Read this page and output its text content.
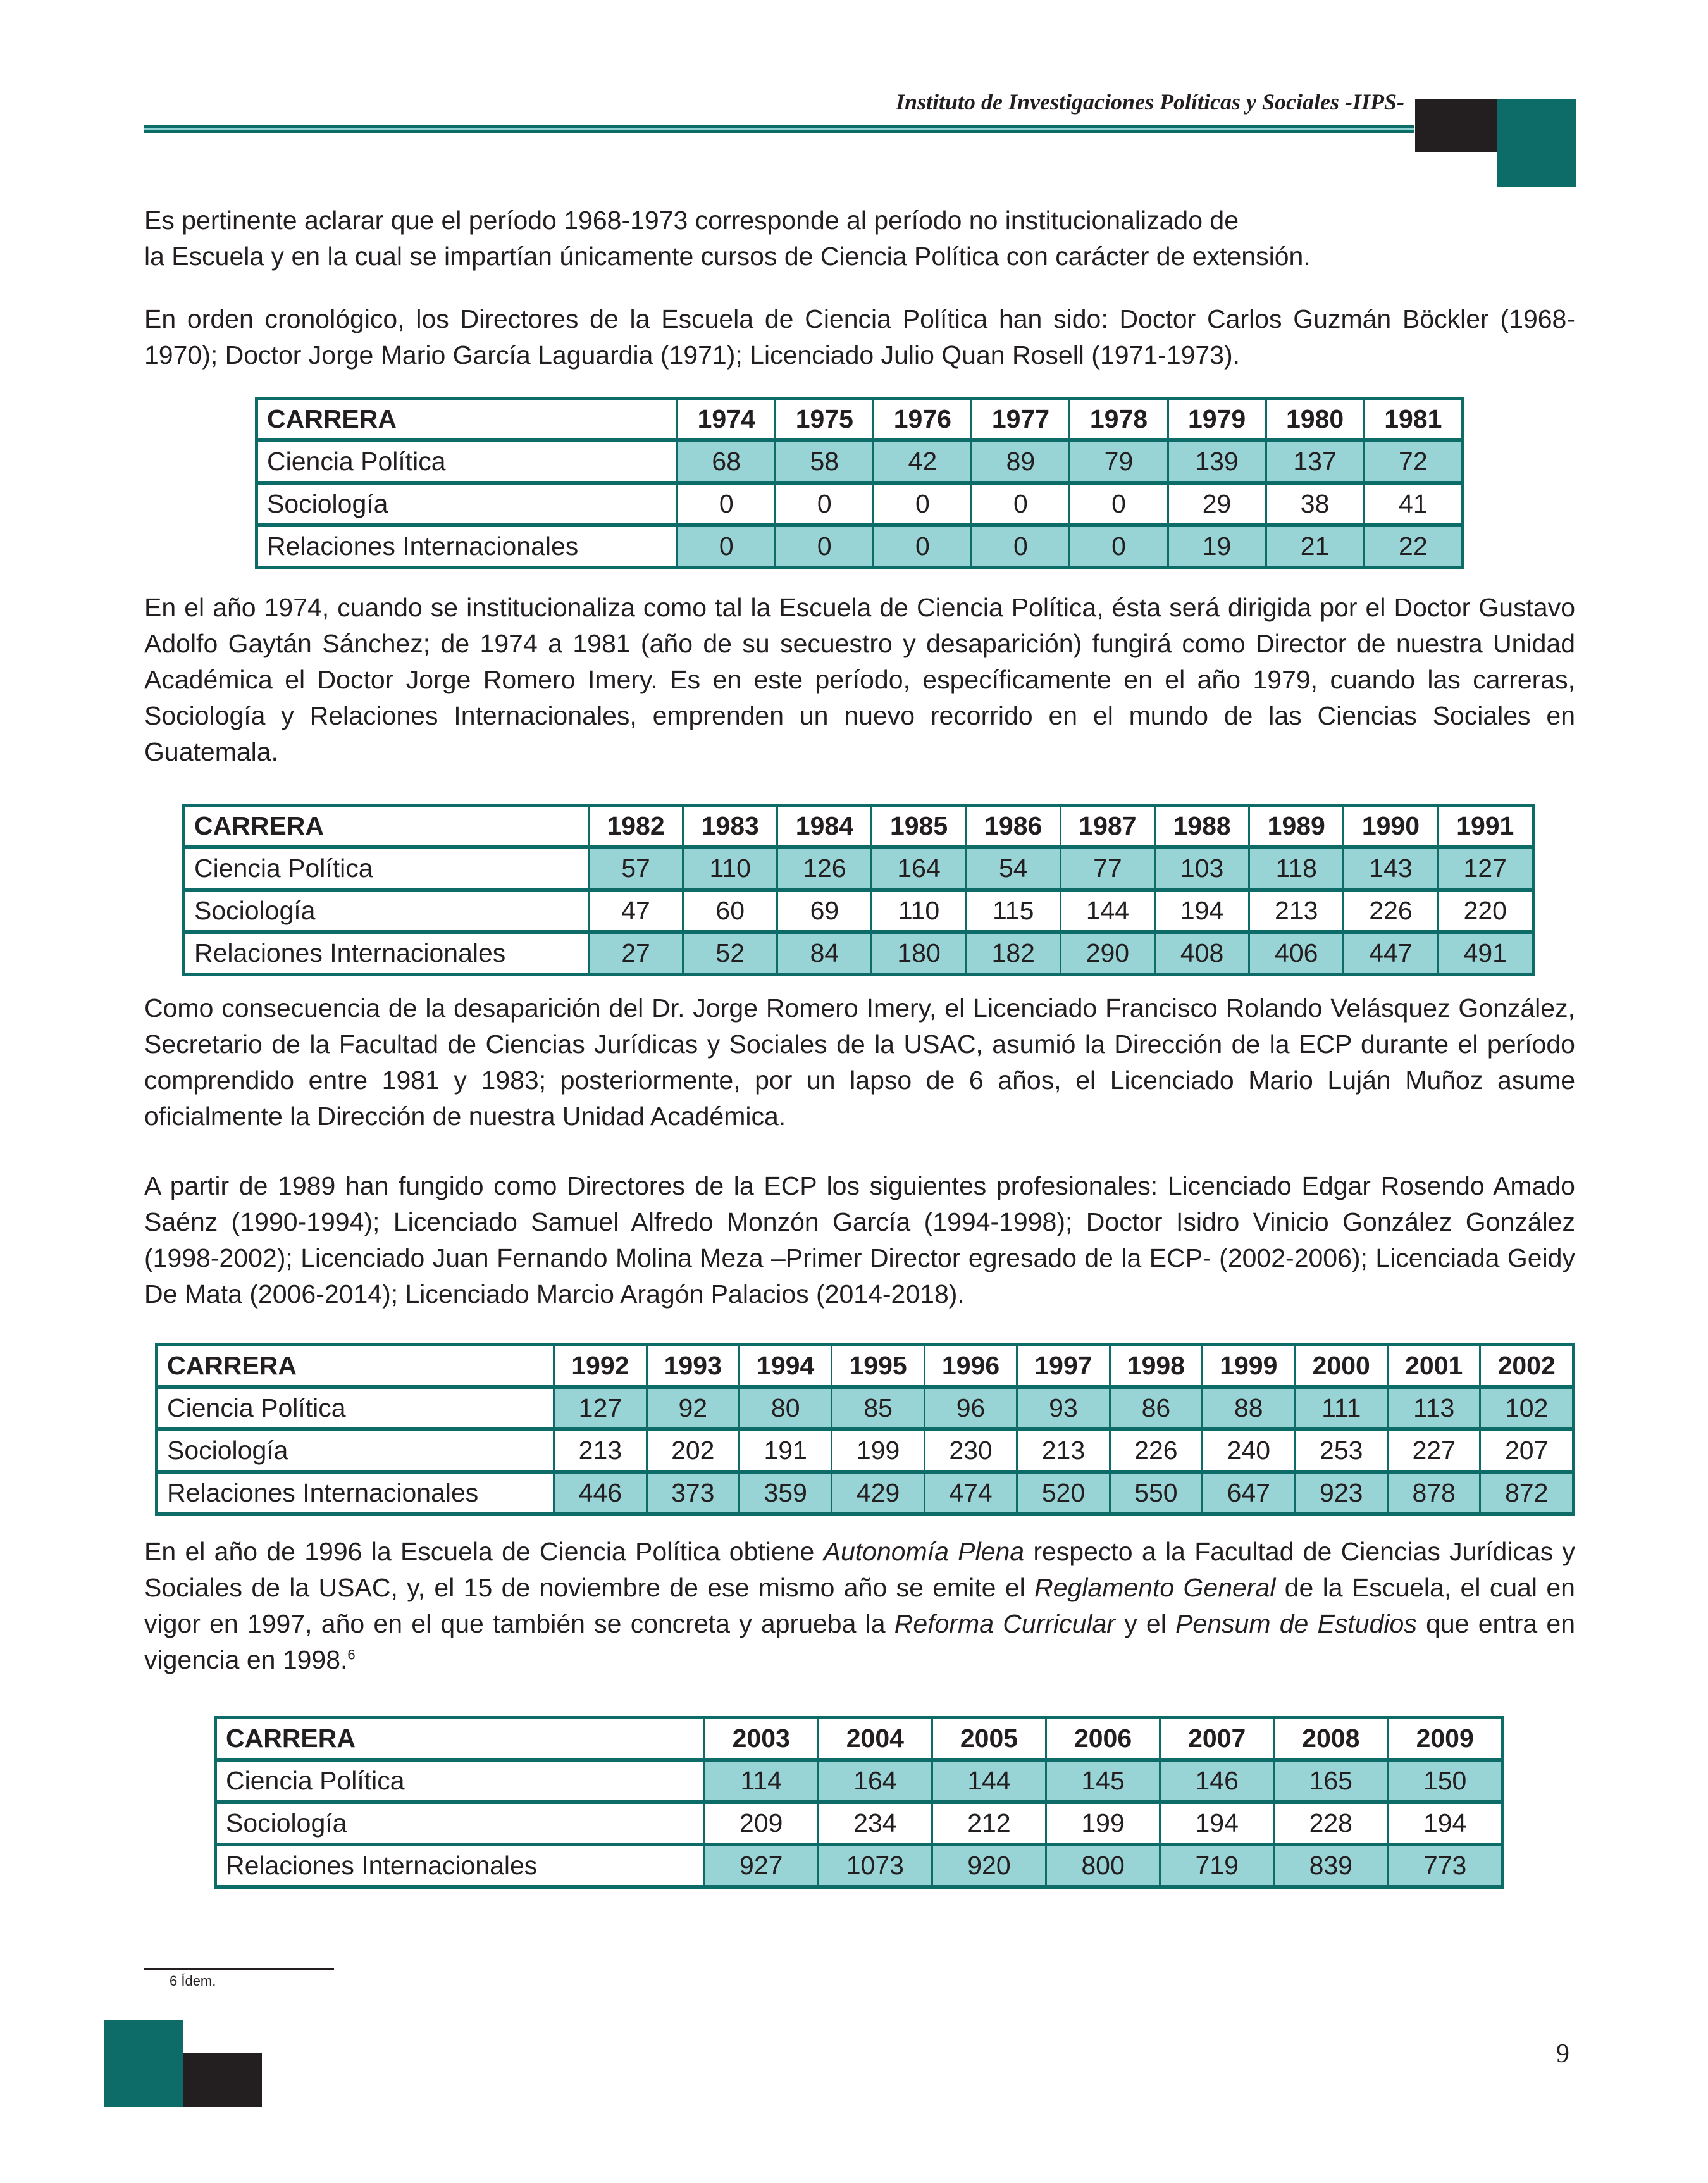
Instituto de Investigaciones Políticas y Sociales -IIPS-
Es pertinente aclarar que el período 1968-1973 corresponde al período no institucionalizado de
la Escuela y en la cual se impartían únicamente cursos de Ciencia Política con carácter de extensión.
En orden cronológico, los Directores de la Escuela de Ciencia Política han sido: Doctor Carlos Guzmán Böckler (1968-1970); Doctor Jorge Mario García Laguardia (1971); Licenciado Julio Quan Rosell (1971-1973).
CARRERA	1974	1975	1976	1977	1978	1979	1980	1981
Ciencia Política	68	58	42	89	79	139	137	72
Sociología	0	0	0	0	0	29	38	41
Relaciones Internacionales	0	0	0	0	0	19	21	22
En el año 1974, cuando se institucionaliza como tal la Escuela de Ciencia Política, ésta será dirigida por el Doctor Gustavo Adolfo Gaytán Sánchez; de 1974 a 1981 (año de su secuestro y desaparición) fungirá como Director de nuestra Unidad Académica el Doctor Jorge Romero Imery. Es en este período, específicamente en el año 1979, cuando las carreras, Sociología y Relaciones Internacionales, emprenden un nuevo recorrido en el mundo de las Ciencias Sociales en Guatemala.
CARRERA	1982	1983	1984	1985	1986	1987	1988	1989	1990	1991
Ciencia Política	57	110	126	164	54	77	103	118	143	127
Sociología	47	60	69	110	115	144	194	213	226	220
Relaciones Internacionales	27	52	84	180	182	290	408	406	447	491
Como consecuencia de la desaparición del Dr. Jorge Romero Imery, el Licenciado Francisco Rolando Velásquez González, Secretario de la Facultad de Ciencias Jurídicas y Sociales de la USAC, asumió la Dirección de la ECP durante el período comprendido entre 1981 y 1983; posteriormente, por un lapso de 6 años, el Licenciado Mario Luján Muñoz asume oficialmente la Dirección de nuestra Unidad Académica.
A partir de 1989 han fungido como Directores de la ECP los siguientes profesionales: Licenciado Edgar Rosendo Amado Saénz (1990-1994); Licenciado Samuel Alfredo Monzón García (1994-1998); Doctor Isidro Vinicio González González (1998-2002); Licenciado Juan Fernando Molina Meza –Primer Director egresado de la ECP- (2002-2006); Licenciada Geidy De Mata (2006-2014); Licenciado Marcio Aragón Palacios (2014-2018).
CARRERA	1992	1993	1994	1995	1996	1997	1998	1999	2000	2001	2002
Ciencia Política	127	92	80	85	96	93	86	88	111	113	102
Sociología	213	202	191	199	230	213	226	240	253	227	207
Relaciones Internacionales	446	373	359	429	474	520	550	647	923	878	872
En el año de 1996 la Escuela de Ciencia Política obtiene Autonomía Plena respecto a la Facultad de Ciencias Jurídicas y Sociales de la USAC, y, el 15 de noviembre de ese mismo año se emite el Reglamento General de la Escuela, el cual en vigor en 1997, año en el que también se concreta y aprueba la Reforma Curricular y el Pensum de Estudios que entra en vigencia en 1998.$^6$
CARRERA	2003	2004	2005	2006	2007	2008	2009
Ciencia Política	114	164	144	145	146	165	150
Sociología	209	234	212	199	194	228	194
Relaciones Internacionales	927	1073	920	800	719	839	773
6 Ídem.
9
